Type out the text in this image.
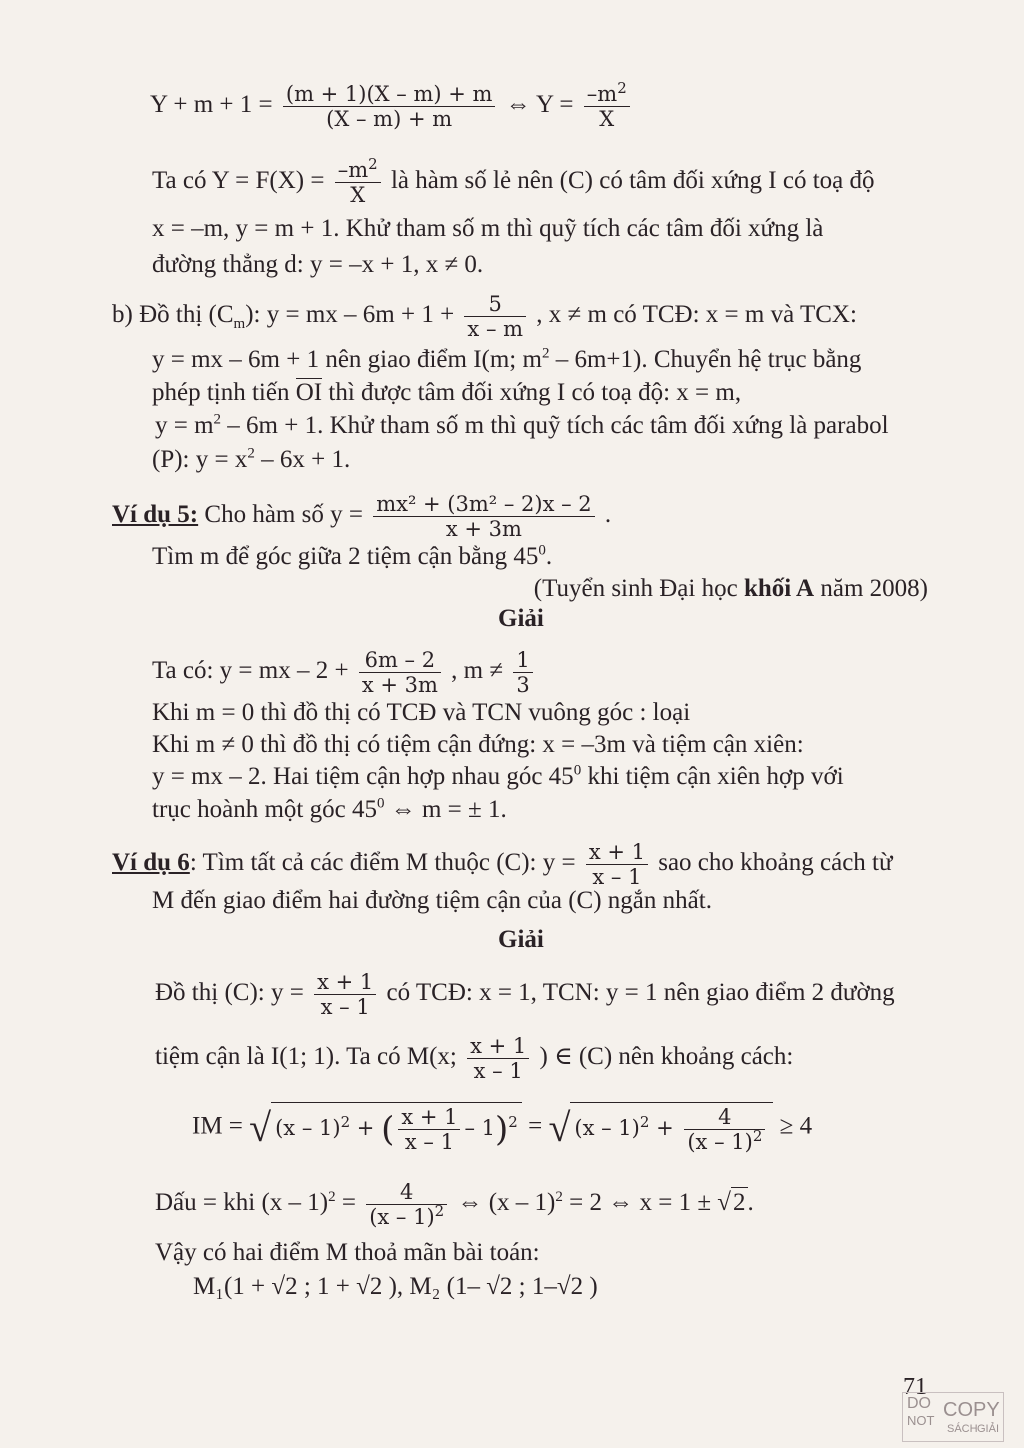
$Y + m + 1 = \frac{(m + 1)(X - m) + m}{(X - m) + m}$ ⇔ $Y = \frac{-m^2}{X}$
Ta có $Y = F(X) = \frac{-m^2}{X}$ là hàm số lẻ nên (C) có tâm đối xứng I có toạ độ
x = –m, y = m + 1. Khử tham số m thì quỹ tích các tâm đối xứng là
đường thẳng d: y = –x + 1, x ≠ 0.
b) Đồ thị $(C_m)$: y = mx – $6m + 1 + \frac{5}{x - m}$ , x ≠ m có TCĐ: x = m và TCX:
y = mx – 6m + 1 nên giao điểm I(m; $m^2 - 6m+1$). Chuyển hệ trục bằng
phép tịnh tiến OI thì được tâm đối xứng I có toạ độ: x = m,
$y = m^2 - 6m + 1$. Khử tham số m thì quỹ tích các tâm đối xứng là parabol
(P): $y = x^2 - 6x + 1$.
Ví dụ 5: Cho hàm số $y = \frac{\text{mx² + (3m² – 2)x – 2}}{x + 3m}$ .
Tìm m để góc giữa 2 tiệm cận bằng $45^0$.
(Tuyển sinh Đại học khối A năm 2008)
Giải
Ta có: y = mx – $2 + \frac{6m - 2}{x + 3m}$ , $m \ne \frac{1}{3}$
Khi m = 0 thì đồ thị có TCĐ và TCN vuông góc : loại
Khi m ≠ 0 thì đồ thị có tiệm cận đứng: x = –3m và tiệm cận xiên:
y = mx – 2. Hai tiệm cận hợp nhau góc $45^0$ khi tiệm cận xiên hợp với
trục hoành một góc $45^0$ ⇔ m = ± 1.
Ví dụ 6: Tìm tất cả các điểm M thuộc (C): $y = \frac{x + 1}{x - 1}$ sao cho khoảng cách từ
M đến giao điểm hai đường tiệm cận của (C) ngắn nhất.
Giải
Đồ thị (C): $y = \frac{x + 1}{x - 1}$ có TCĐ: x = 1, TCN: y = 1 nên giao điểm 2 đường
tiệm cận là I(1; 1). Ta có M(x; $\frac{x + 1}{x - 1}$ ) ∈ (C) nên khoảng cách:
IM = √ (x – 1)$^2$ + ( $\frac{x + 1}{x - 1} - 1)^2$ = √ $(x - 1)^2 + \frac{4}{(x - 1)^2} \ge 4$
Dấu = khi $(x - 1)^2 = \frac{4}{(x - 1)^2}$ ⇔ (x – 1)$^2$ = 2 ⇔ x = 1 ± √2.
Vậy có hai điểm M thoả mãn bài toán:
M₁(1 + √2 ; 1 + √2 ), M₂ (1– √2 ; 1–√2 )
71
DO
NOT COPY
SÁCH GIẢI
